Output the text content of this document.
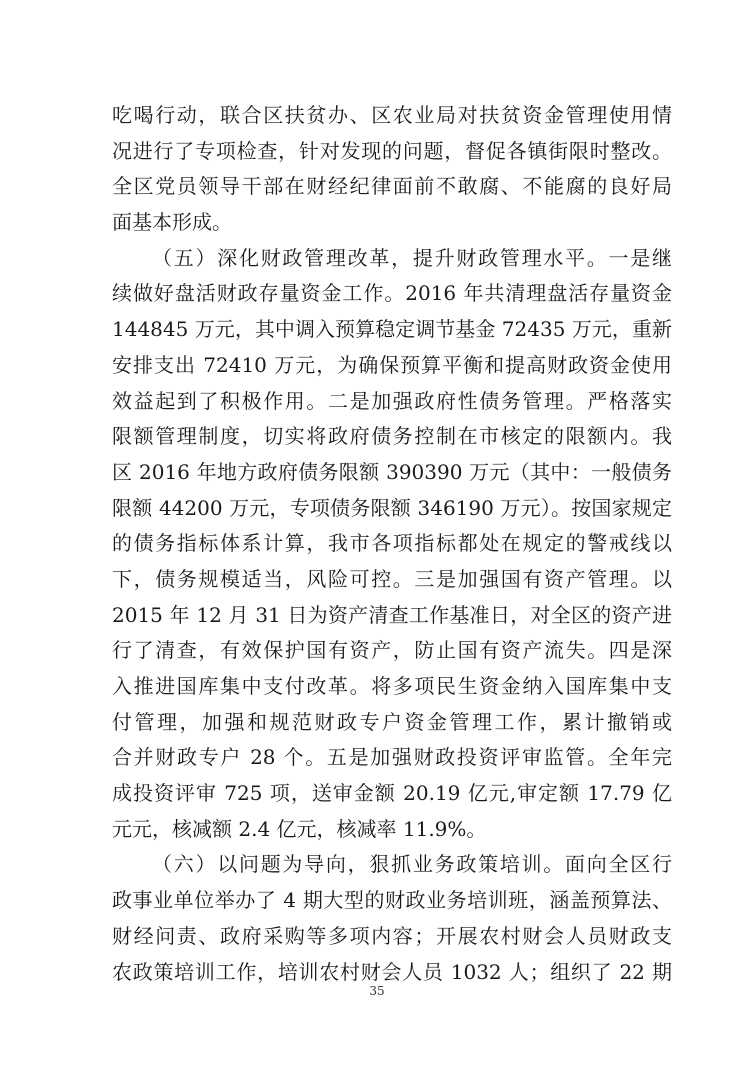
吃喝行动，联合区扶贫办、区农业局对扶贫资金管理使用情
况进行了专项检查，针对发现的问题，督促各镇街限时整改。
全区党员领导干部在财经纪律面前不敢腐、不能腐的良好局
面基本形成。
（五）深化财政管理改革，提升财政管理水平。一是继
续做好盘活财政存量资金工作。2016 年共清理盘活存量资金
144845 万元，其中调入预算稳定调节基金 72435 万元，重新
安排支出 72410 万元，为确保预算平衡和提高财政资金使用
效益起到了积极作用。二是加强政府性债务管理。严格落实
限额管理制度，切实将政府债务控制在市核定的限额内。我
区 2016 年地方政府债务限额 390390 万元（其中：一般债务
限额 44200 万元，专项债务限额 346190 万元）。按国家规定
的债务指标体系计算，我市各项指标都处在规定的警戒线以
下，债务规模适当，风险可控。三是加强国有资产管理。以
2015 年 12 月 31 日为资产清查工作基准日，对全区的资产进
行了清查，有效保护国有资产，防止国有资产流失。四是深
入推进国库集中支付改革。将多项民生资金纳入国库集中支
付管理，加强和规范财政专户资金管理工作，累计撤销或
合并财政专户 28 个。五是加强财政投资评审监管。全年完
成投资评审 725 项，送审金额 20.19 亿元,审定额 17.79 亿
元元，核减额 2.4 亿元，核减率 11.9%。
（六）以问题为导向，狠抓业务政策培训。面向全区行
政事业单位举办了 4 期大型的财政业务培训班，涵盖预算法、
财经问责、政府采购等多项内容；开展农村财会人员财政支
农政策培训工作，培训农村财会人员 1032 人；组织了 22 期
35
